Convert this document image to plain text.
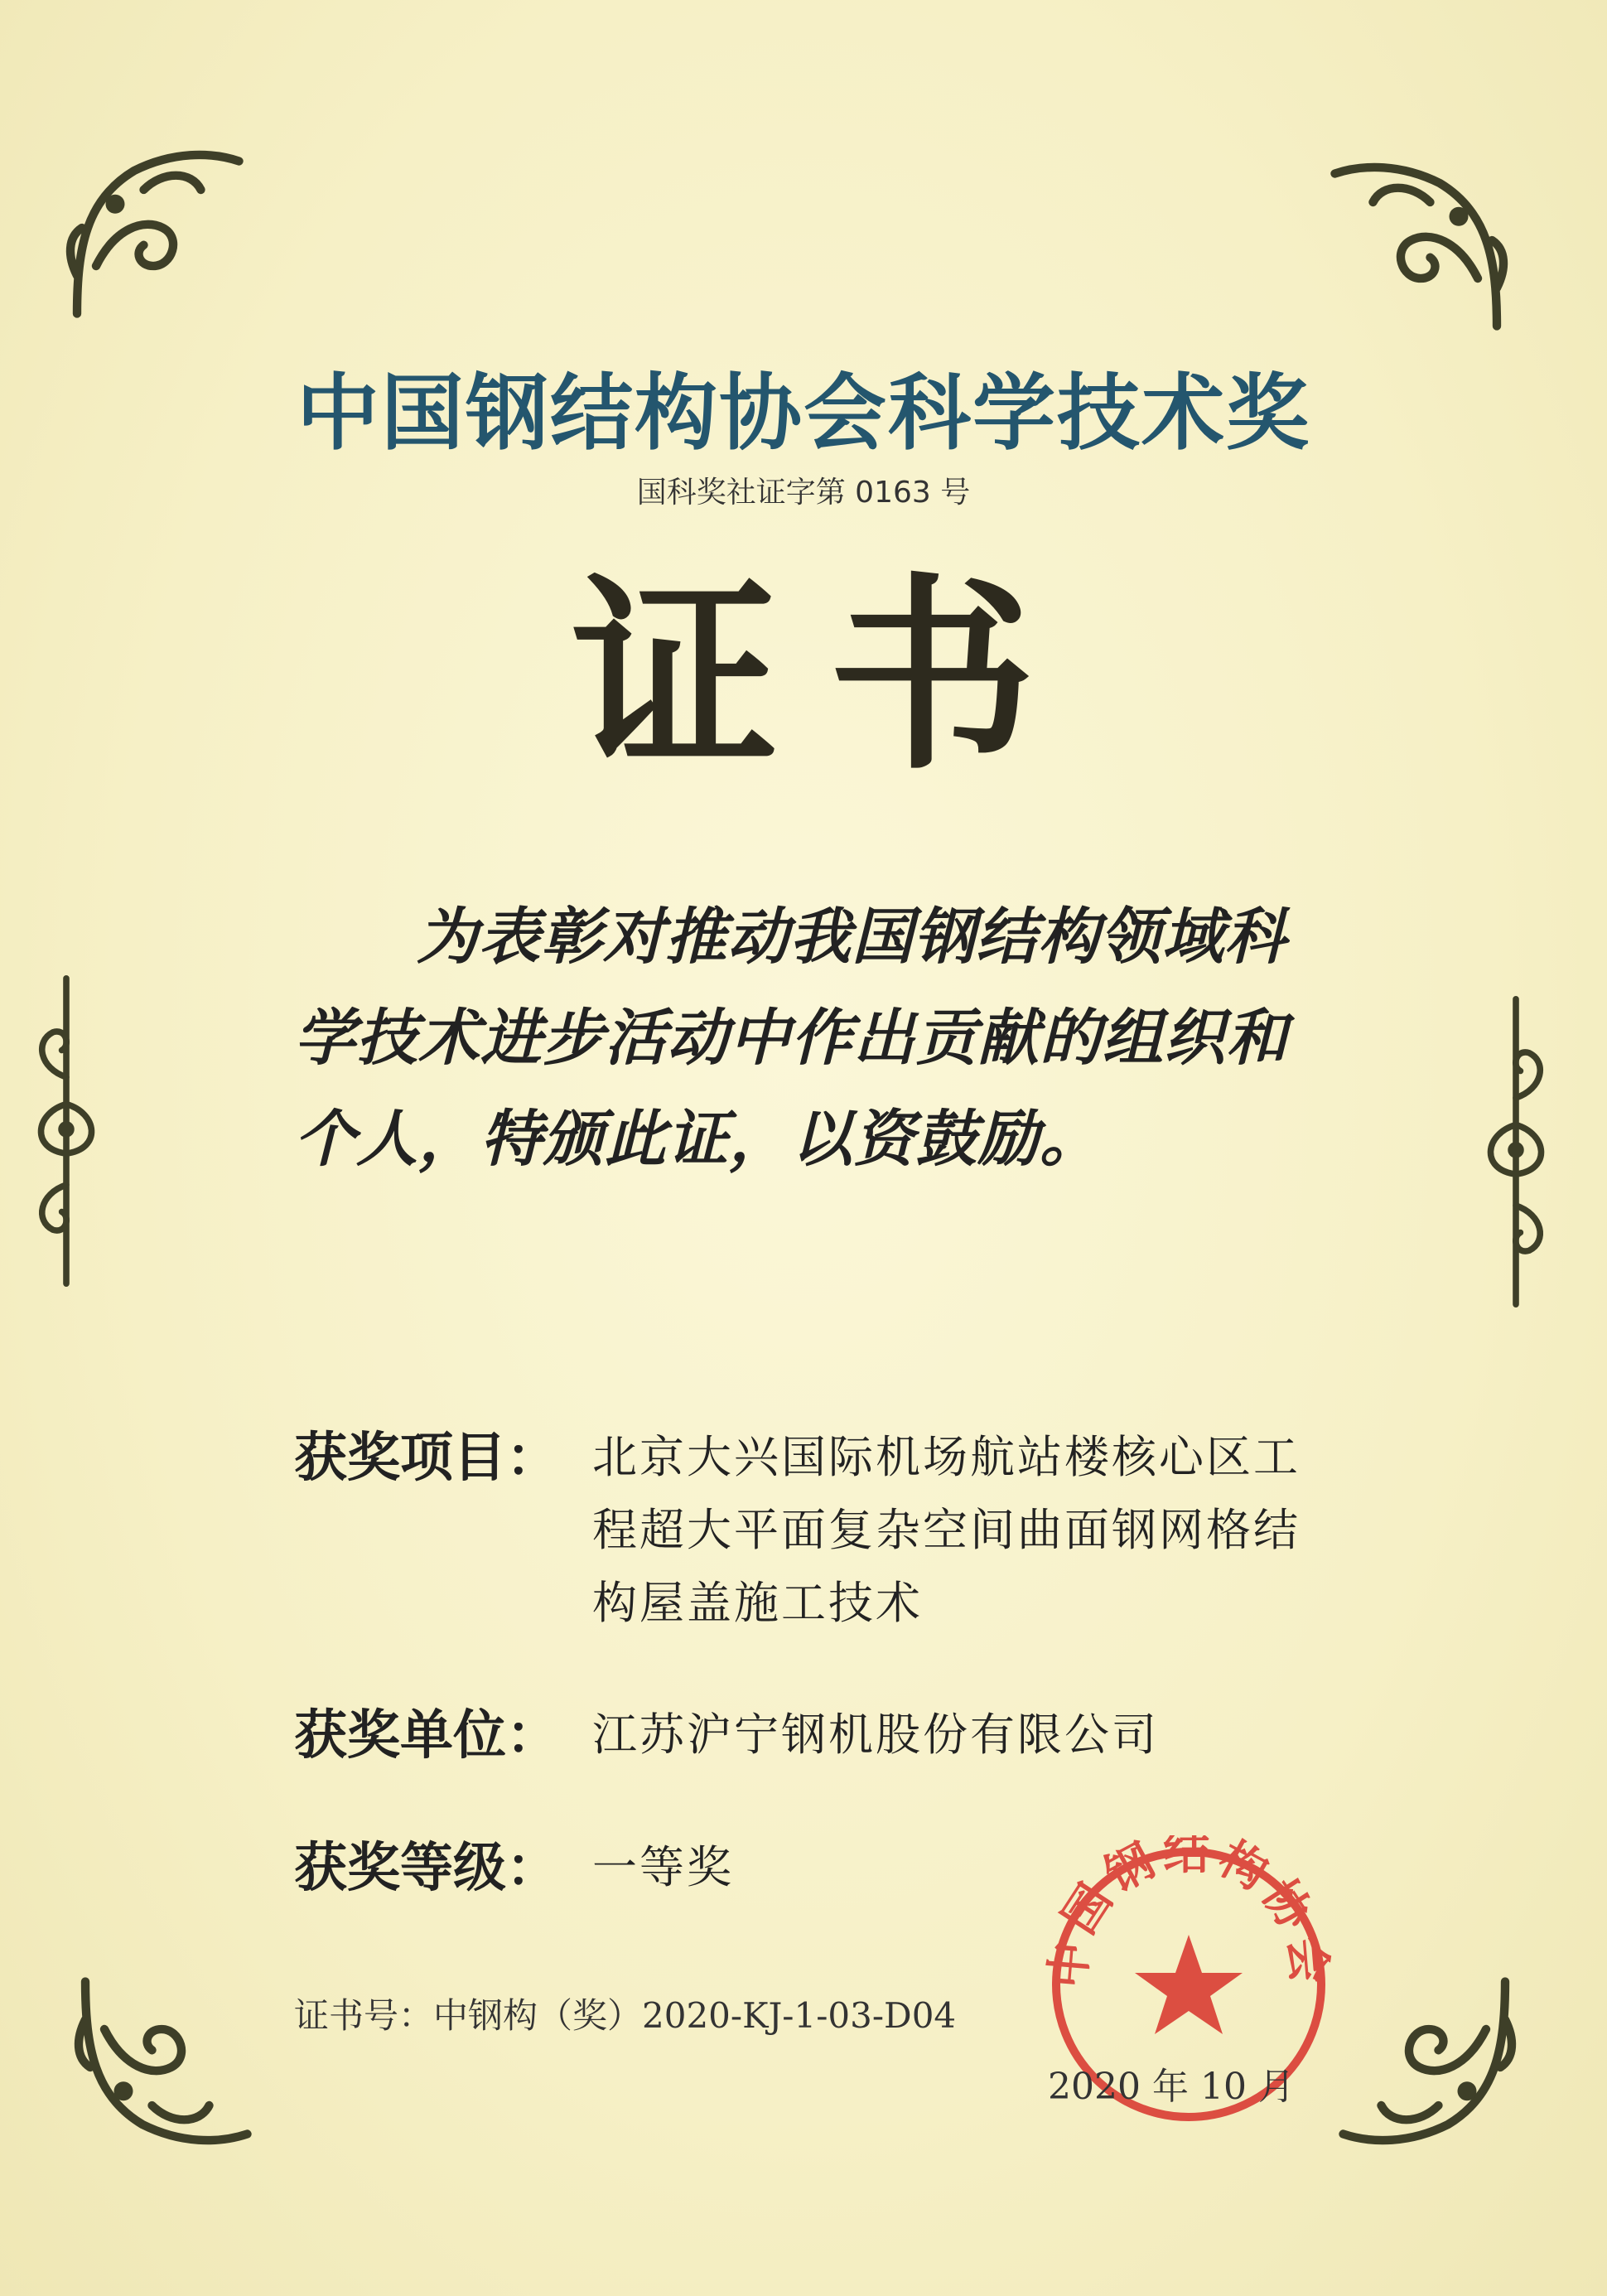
中国钢结构协会科学技术奖
国科奖社证字第 0163 号
证书
为表彰对推动我国钢结构领域科学技术进步活动中作出贡献的组织和个人，特颁此证，以资鼓励。
获奖项目： 北京大兴国际机场航站楼核心区工程超大平面复杂空间曲面钢网格结构屋盖施工技术
获奖单位： 江苏沪宁钢机股份有限公司
获奖等级： 一等奖
中国钢结构协会
证书号：中钢构（奖）2020-KJ-1-03-D04
2020 年 10 月
